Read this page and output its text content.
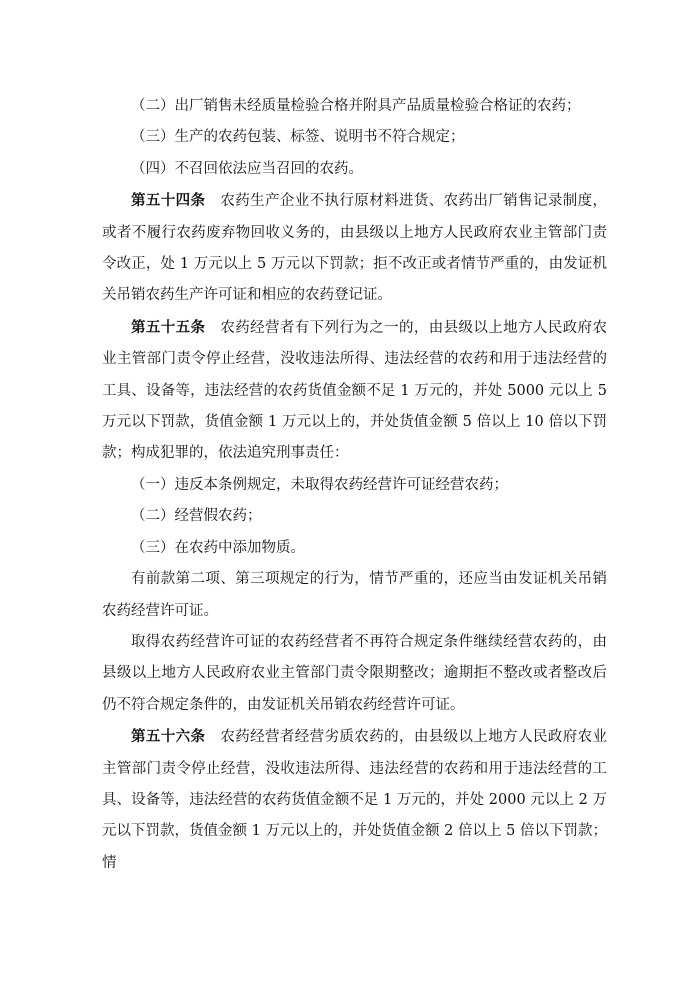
（二）出厂销售未经质量检验合格并附具产品质量检验合格证的农药；

（三）生产的农药包装、标签、说明书不符合规定；

（四）不召回依法应当召回的农药。

第五十四条 农药生产企业不执行原材料进货、农药出厂销售记录制度，或者不履行农药废弃物回收义务的，由县级以上地方人民政府农业主管部门责令改正，处 1 万元以上 5 万元以下罚款；拒不改正或者情节严重的，由发证机关吊销农药生产许可证和相应的农药登记证。

第五十五条 农药经营者有下列行为之一的，由县级以上地方人民政府农业主管部门责令停止经营，没收违法所得、违法经营的农药和用于违法经营的工具、设备等，违法经营的农药货值金额不足 1 万元的，并处 5000 元以上 5 万元以下罚款，货值金额 1 万元以上的，并处货值金额 5 倍以上 10 倍以下罚款；构成犯罪的，依法追究刑事责任：

（一）违反本条例规定，未取得农药经营许可证经营农药；

（二）经营假农药；

（三）在农药中添加物质。

有前款第二项、第三项规定的行为，情节严重的，还应当由发证机关吊销农药经营许可证。

取得农药经营许可证的农药经营者不再符合规定条件继续经营农药的，由县级以上地方人民政府农业主管部门责令限期整改；逾期拒不整改或者整改后仍不符合规定条件的，由发证机关吊销农药经营许可证。

第五十六条 农药经营者经营劣质农药的，由县级以上地方人民政府农业主管部门责令停止经营，没收违法所得、违法经营的农药和用于违法经营的工具、设备等，违法经营的农药货值金额不足 1 万元的，并处 2000 元以上 2 万元以下罚款，货值金额 1 万元以上的，并处货值金额 2 倍以上 5 倍以下罚款；情
